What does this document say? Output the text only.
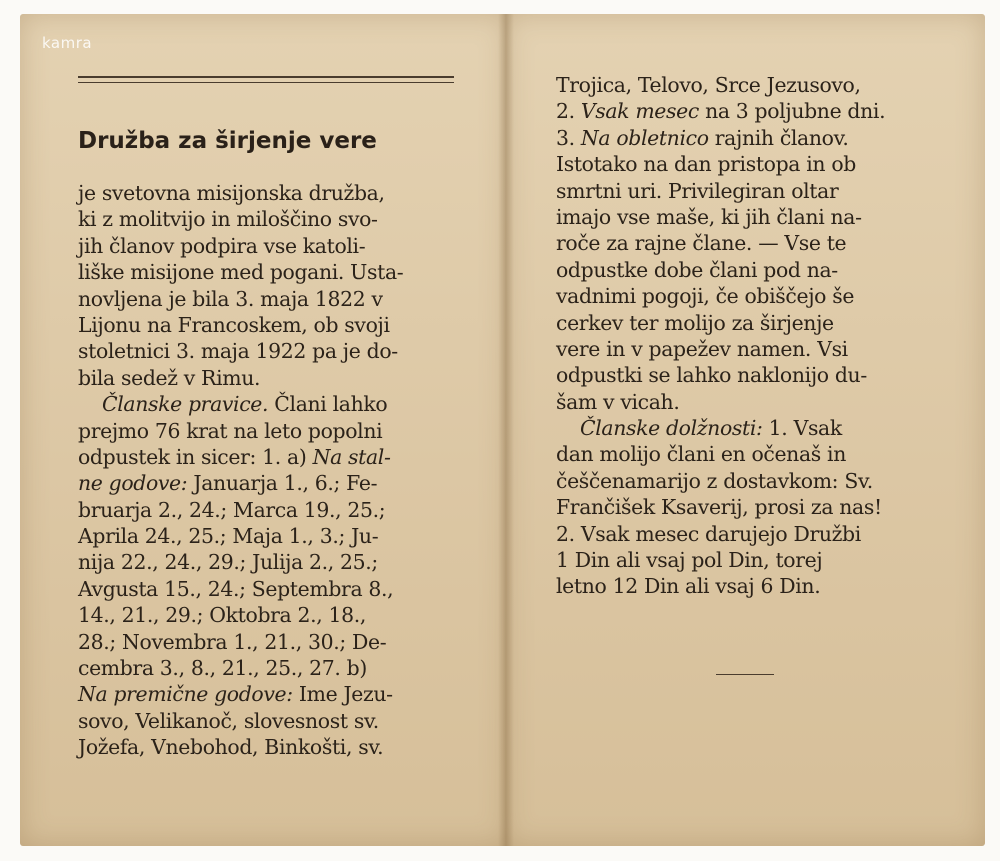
kamra
Družba za širjenje vere
je svetovna misijonska družba,
ki z molitvijo in miloščino svo-
jih članov podpira vse katoli-
liške misijone med pogani. Usta-
novljena je bila 3. maja 1822 v
Lijonu na Francoskem, ob svoji
stoletnici 3. maja 1922 pa je do-
bila sedež v Rimu.
Članske pravice. Člani lahko
prejmo 76 krat na leto popolni
odpustek in sicer: 1. a) Na stal-
ne godove: Januarja 1., 6.; Fe-
bruarja 2., 24.; Marca 19., 25.;
Aprila 24., 25.; Maja 1., 3.; Ju-
nija 22., 24., 29.; Julija 2., 25.;
Avgusta 15., 24.; Septembra 8.,
14., 21., 29.; Oktobra 2., 18.,
28.; Novembra 1., 21., 30.; De-
cembra 3., 8., 21., 25., 27. b)
Na premične godove: Ime Jezu-
sovo, Velikanoč, slovesnost sv.
Jožefa, Vnebohod, Binkošti, sv.
Trojica, Telovo, Srce Jezusovo,
2. Vsak mesec na 3 poljubne dni.
3. Na obletnico rajnih članov.
Istotako na dan pristopa in ob
smrtni uri. Privilegiran oltar
imajo vse maše, ki jih člani na-
roče za rajne člane. — Vse te
odpustke dobe člani pod na-
vadnimi pogoji, če obiščejo še
cerkev ter molijo za širjenje
vere in v papežev namen. Vsi
odpustki se lahko naklonijo du-
šam v vicah.
Članske dolžnosti: 1. Vsak
dan molijo člani en očenaš in
češčenamarijo z dostavkom: Sv.
Frančišek Ksaverij, prosi za nas!
2. Vsak mesec darujejo Družbi
1 Din ali vsaj pol Din, torej
letno 12 Din ali vsaj 6 Din.
